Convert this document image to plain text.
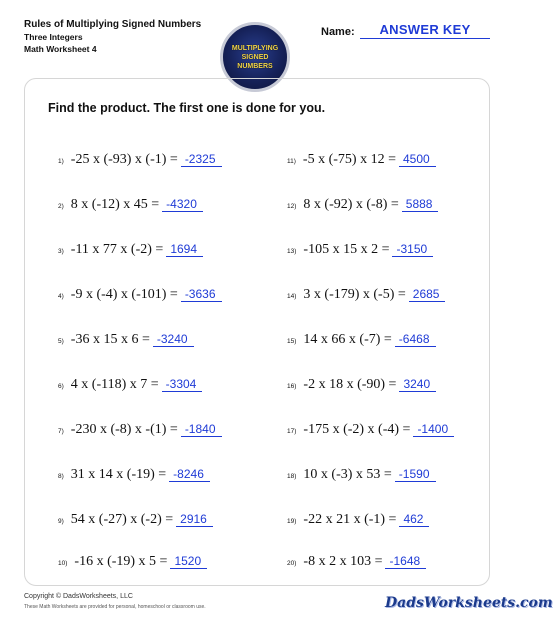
Rules of Multiplying Signed Numbers
Three Integers
Math Worksheet 4	MULTIPLYING
SIGNED
NUMBERS
Name:	ANSWER KEY
Find the product. The first one is done for you.
1) -25 x (-93) x (-1) = -2325
2) 8 x (-12) x 45 = -4320
3) -11 x 77 x (-2) = 1694
4) -9 x (-4) x (-101) = -3636
5) -36 x 15 x 6 = -3240
6) 4 x (-118) x 7 = -3304
7) -230 x (-8) x -(1) = -1840
8) 31 x 14 x (-19) = -8246
9) 54 x (-27) x (-2) = 2916
10) -16 x (-19) x 5 = 1520
11) -5 x (-75) x 12 = 4500
12) 8 x (-92) x (-8) = 5888
13) -105 x 15 x 2 = -3150
14) 3 x (-179) x (-5) = 2685
15) 14 x 66 x (-7) = -6468
16) -2 x 18 x (-90) = 3240
17) -175 x (-2) x (-4) = -1400
18) 10 x (-3) x 53 = -1590
19) -22 x 21 x (-1) = 462
20) -8 x 2 x 103 = -1648
Copyright © DadsWorksheets, LLC
These Math Worksheets are provided for personal, homeschool or classroom use.	DadsWorksheets.com
